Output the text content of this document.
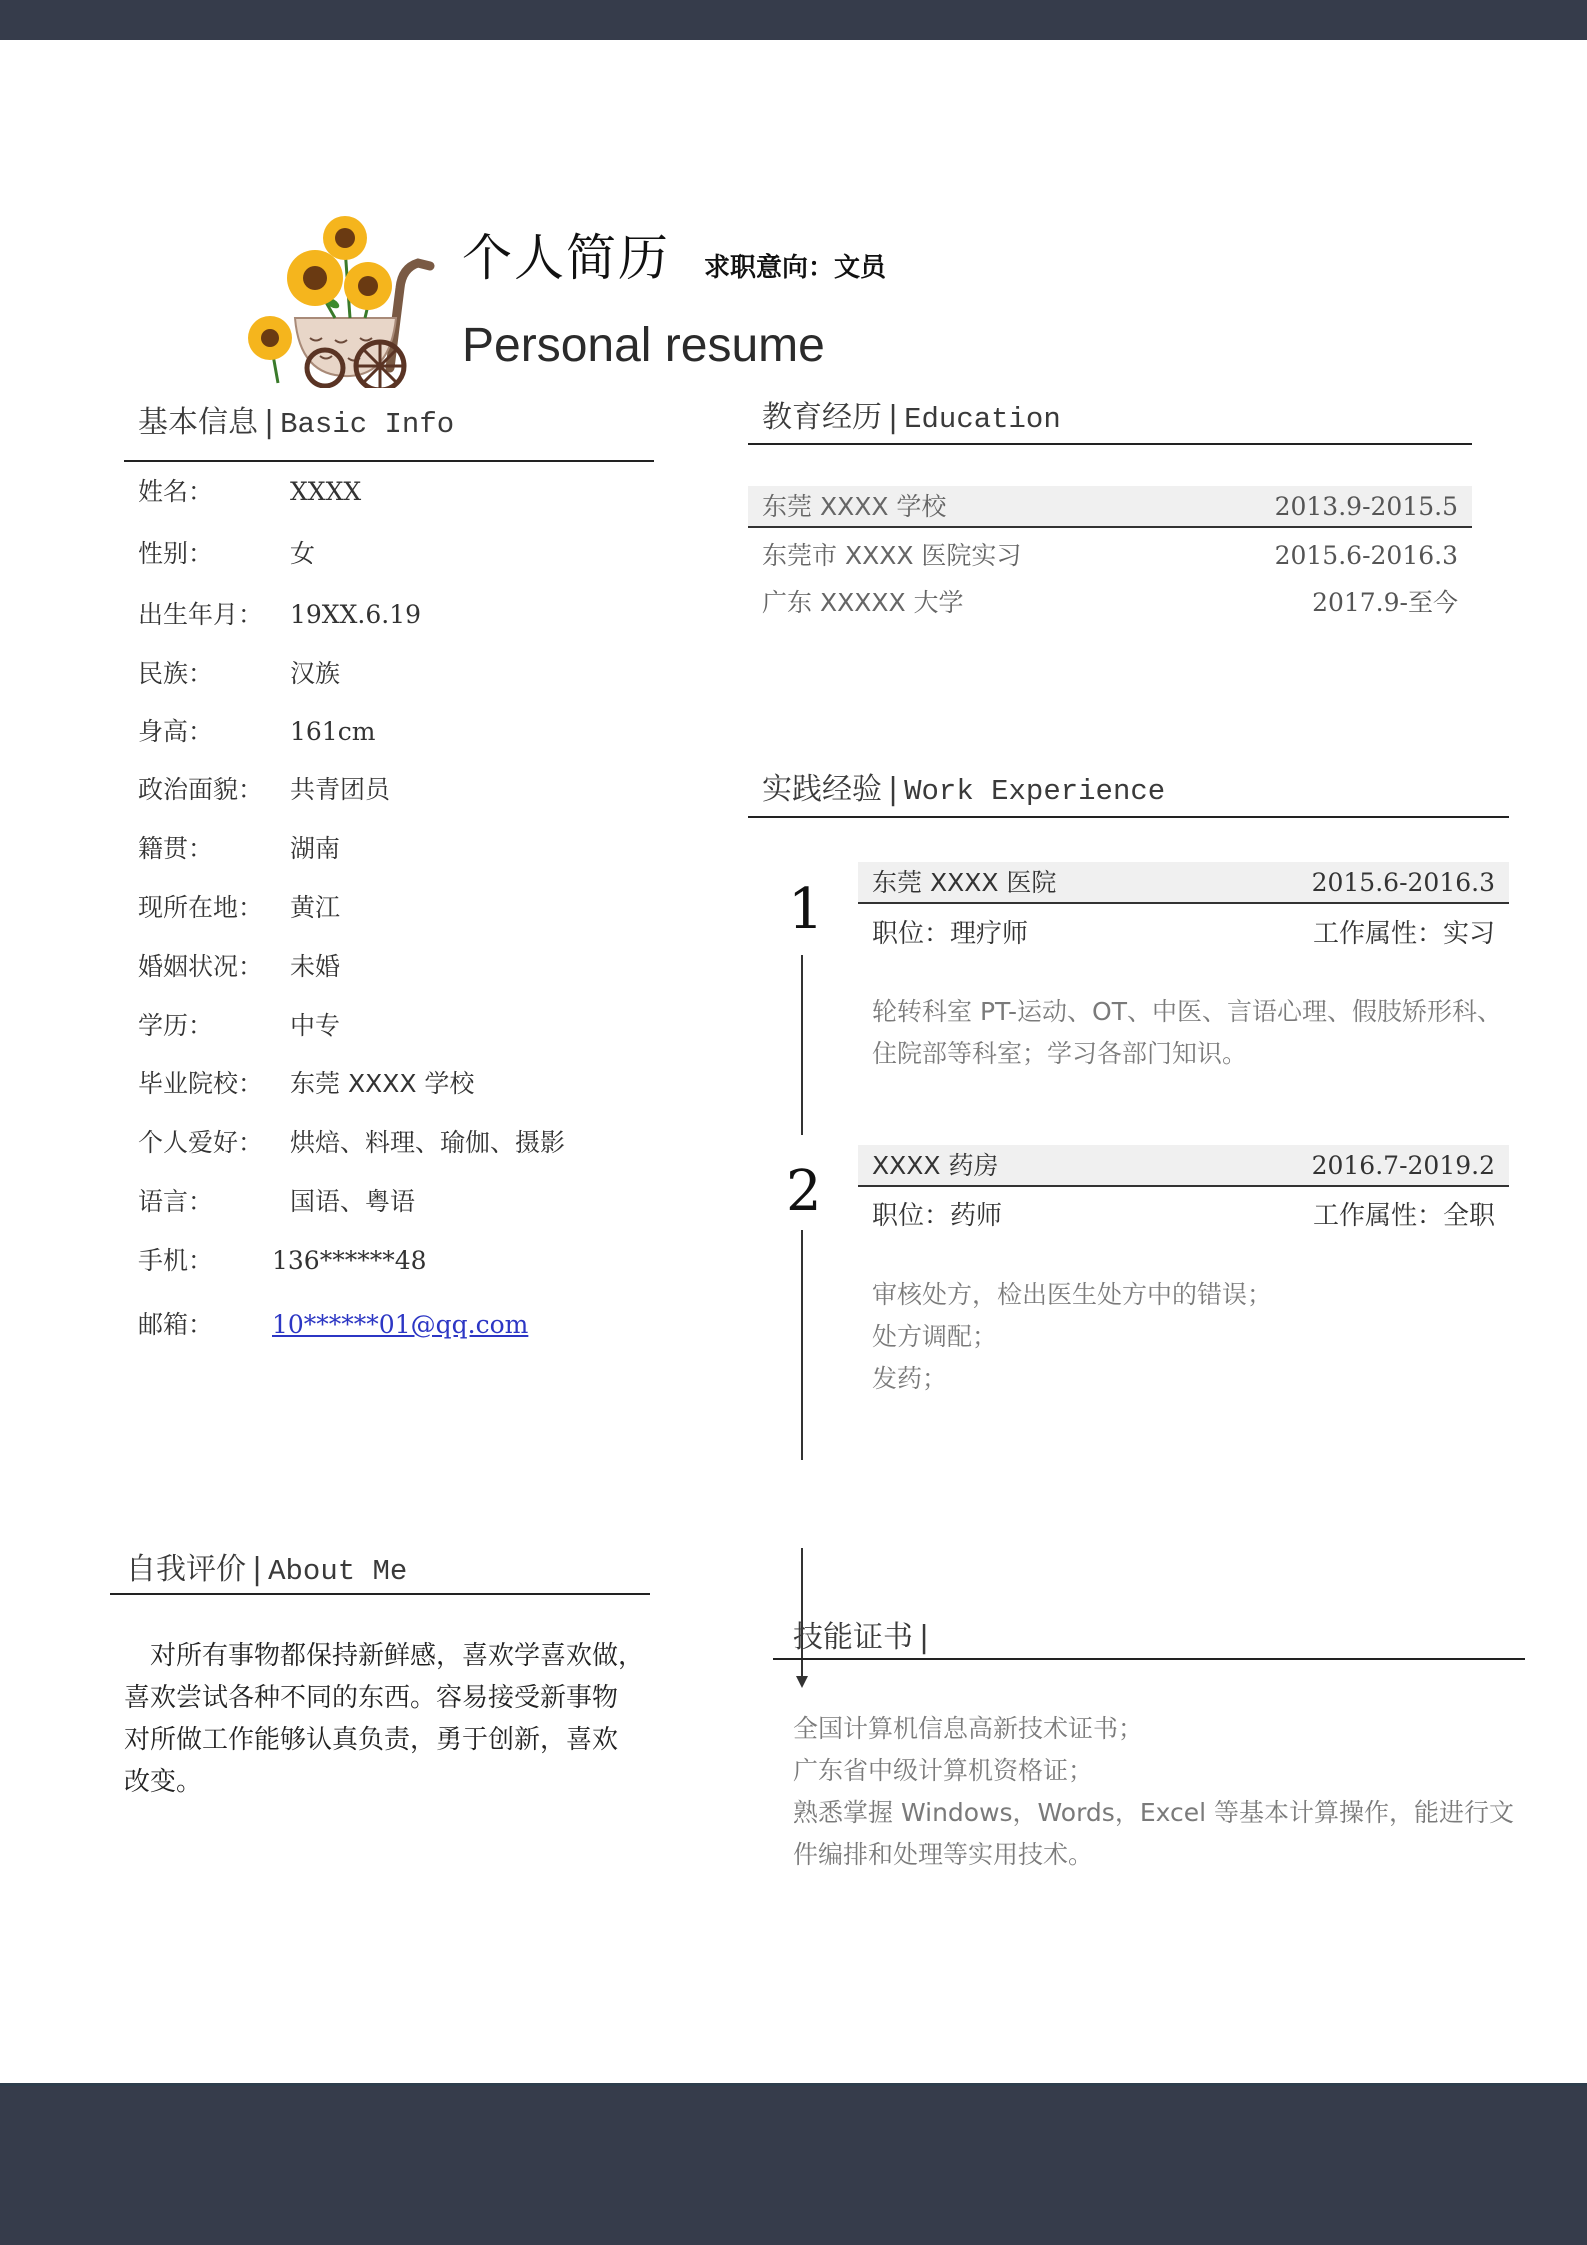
个人简历 求职意向：文员
Personal resume
基本信息 | Basic Info
姓名：	XXXX
性别：	女
出生年月： 19XX.6.19
民族：	汉族
身高：	161cm
政治面貌： 共青团员
籍贯：	湖南
现所在地： 黄江
婚姻状况： 未婚
学历：	中专
毕业院校： 东莞 XXXX 学校
个人爱好： 烘焙、料理、瑜伽、摄影
语言：	国语、粤语
手机： 136******48
邮箱： 10******01@qq.com
教育经历 | Education
东莞 XXXX 学校	2013.9-2015.5
东莞市 XXXX 医院实习	2015.6-2016.3
广东 XXXXX 大学	2017.9-至今
实践经验 | Work Experience
1
2
东莞 XXXX 医院	2015.6-2016.3
职位：理疗师	工作属性：实习
轮转科室 PT-运动、OT、中医、言语心理、假肢矫形科、
住院部等科室；学习各部门知识。
XXXX 药房	2016.7-2019.2
职位：药师	工作属性：全职
审核处方，检出医生处方中的错误；
处方调配；
发药；
自我评价 | About Me
　对所有事物都保持新鲜感，喜欢学喜欢做，
喜欢尝试各种不同的东西。容易接受新事物
对所做工作能够认真负责，勇于创新，喜欢
改变。
技能证书 |
全国计算机信息高新技术证书；
广东省中级计算机资格证；
熟悉掌握 Windows，Words，Excel 等基本计算操作，能进行文
件编排和处理等实用技术。
